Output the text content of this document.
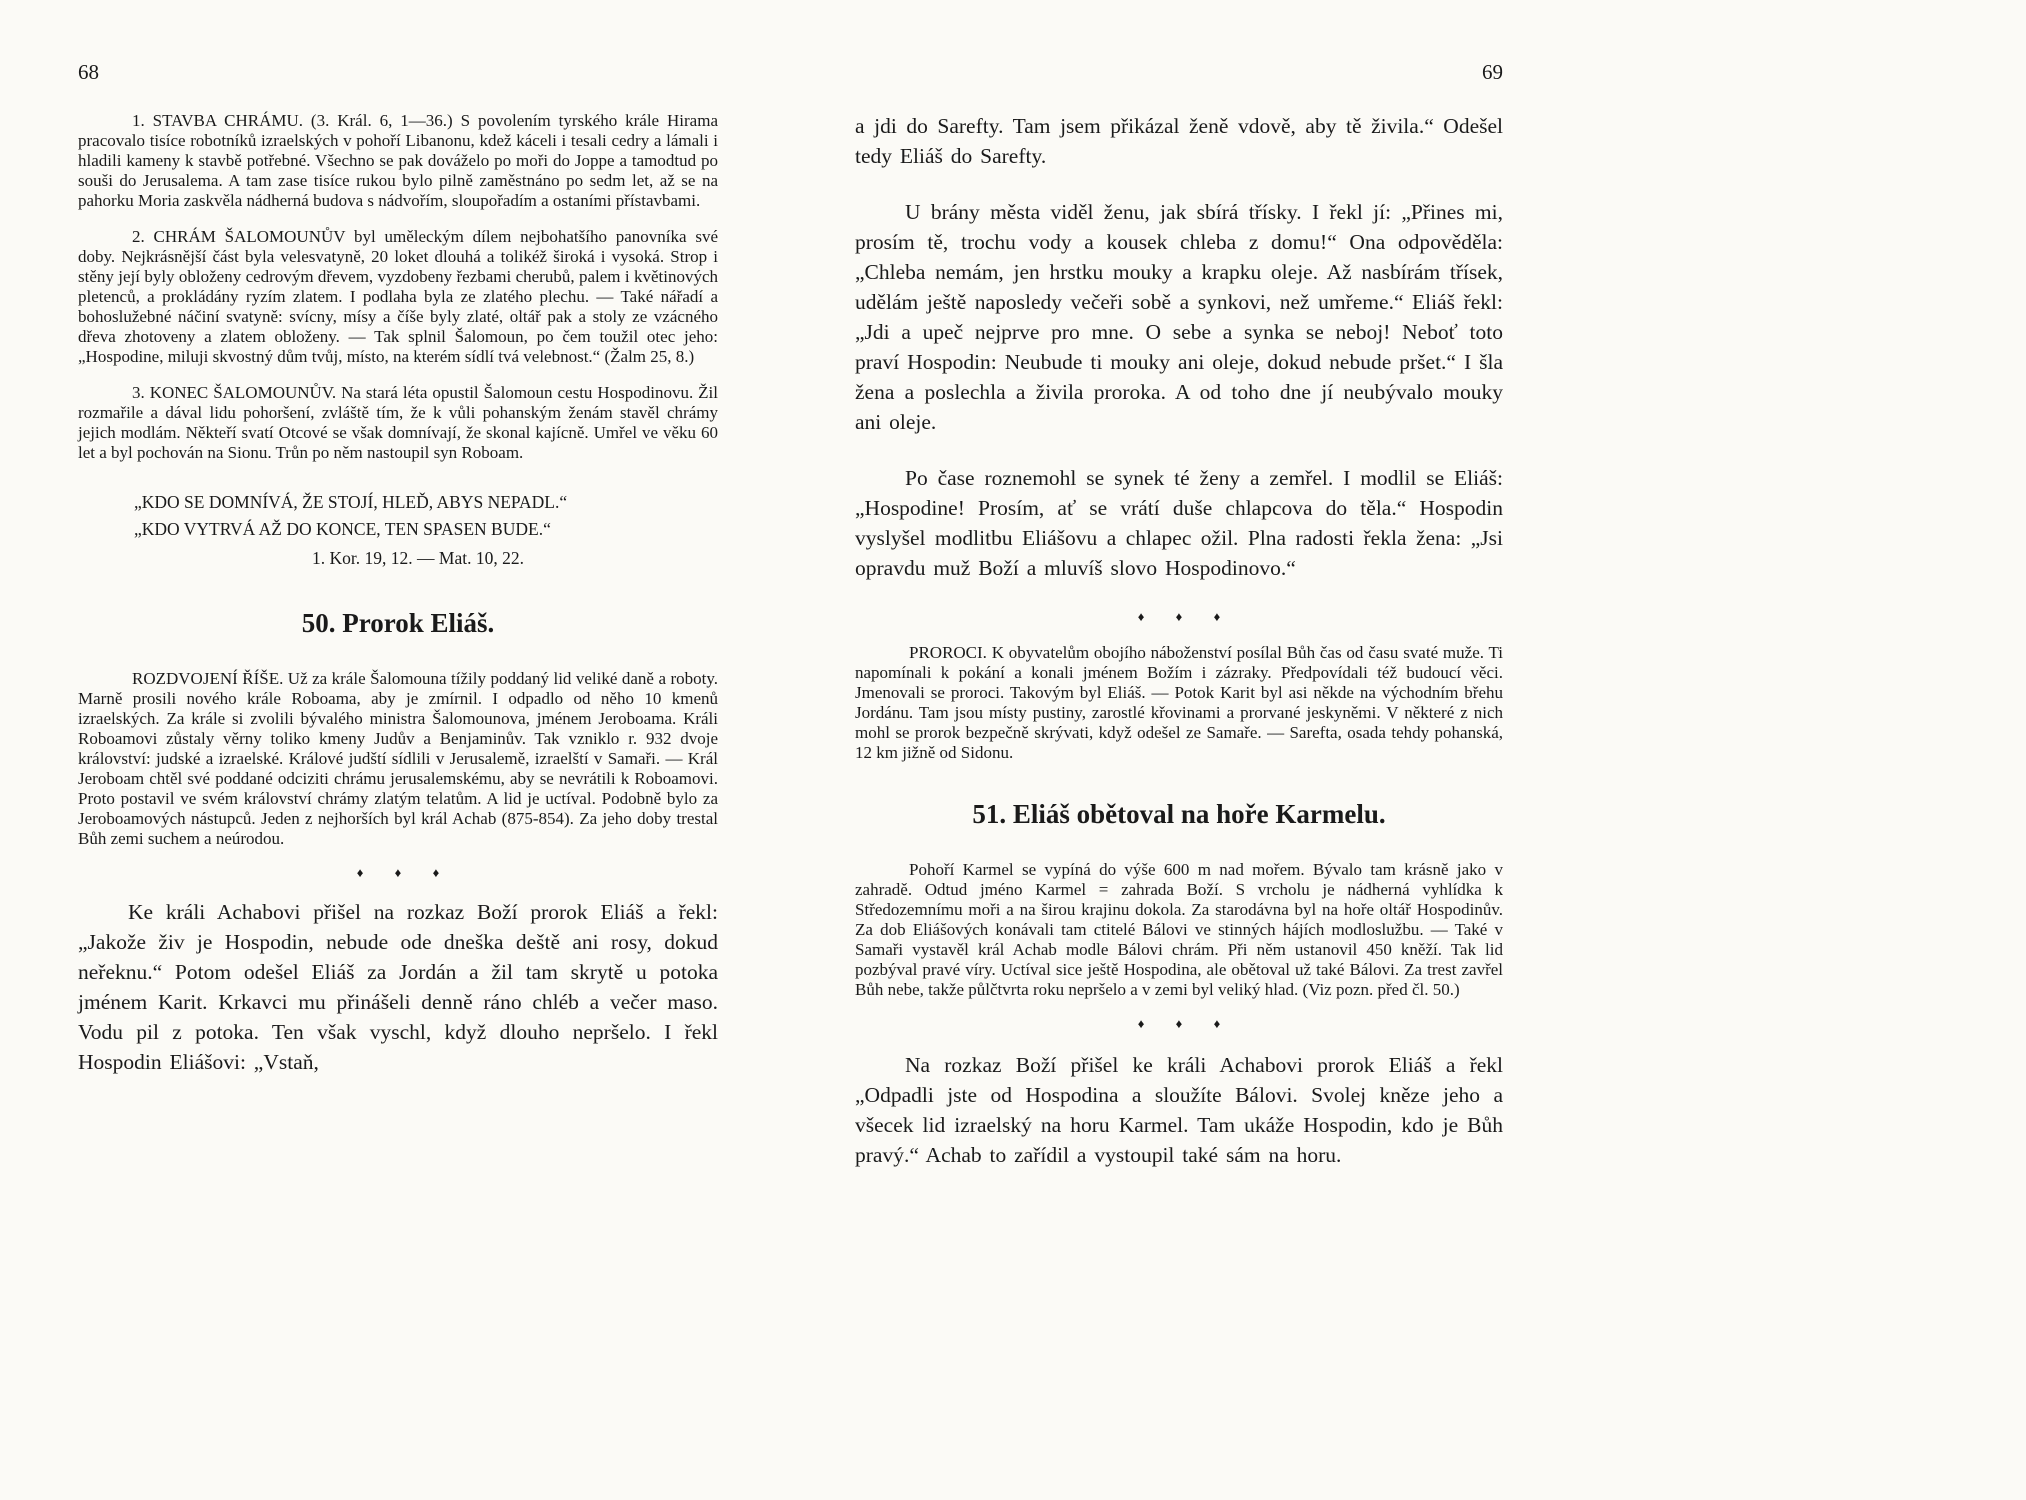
68

1. STAVBA CHRÁMU. (3. Král. 6, 1—36.) S povolením tyrského krále Hirama pracovalo tisíce robotníků izraelských v pohoří Libanonu, kdež káceli i tesali cedry a lámali i hladili kameny k stavbě potřebné. Všechno se pak dováželo po moři do Joppe a tamodtud po souši do Jerusalema. A tam zase tisíce rukou bylo pilně zaměstnáno po sedm let, až se na pahorku Moria zaskvěla nádherná budova s nádvořím, sloupořadím a ostaními přístavbami.

2. CHRÁM ŠALOMOUNŮV byl uměleckým dílem nejbohatšího panovníka své doby. Nejkrásnější část byla velesvatyně, 20 loket dlouhá a tolikéž široká i vysoká. Strop i stěny její byly obloženy cedrovým dřevem, vyzdobeny řezbami cherubů, palem i květinových pletenců, a prokládány ryzím zlatem. I podlaha byla ze zlatého plechu. — Také nářadí a bohoslužebné náčiní svatyně: svícny, mísy a číše byly zlaté, oltář pak a stoly ze vzácného dřeva zhotoveny a zlatem obloženy. — Tak splnil Šalomoun, po čem toužil otec jeho: „Hospodine, miluji skvostný dům tvůj, místo, na kterém sídlí tvá velebnost.“ (Žalm 25, 8.)

3. KONEC ŠALOMOUNŮV. Na stará léta opustil Šalomoun cestu Hospodinovu. Žil rozmařile a dával lidu pohoršení, zvláště tím, že k vůli pohanským ženám stavěl chrámy jejich modlám. Někteří svatí Otcové se však domnívají, že skonal kajícně. Umřel ve věku 60 let a byl pochován na Sionu. Trůn po něm nastoupil syn Roboam.

„KDO SE DOMNÍVÁ, ŽE STOJÍ, HLEĎ, ABYS NEPADL.“
„KDO VYTRVÁ AŽ DO KONCE, TEN SPASEN BUDE.“
1. Kor. 19, 12. — Mat. 10, 22.
50. Prorok Eliáš.

ROZDVOJENÍ ŘÍŠE. Už za krále Šalomouna tížily poddaný lid veliké daně a roboty. Marně prosili nového krále Roboama, aby je zmírnil. I odpadlo od něho 10 kmenů izraelských. Za krále si zvolili bývalého ministra Šalomounova, jménem Jeroboama. Králi Roboamovi zůstaly věrny toliko kmeny Judův a Benjaminův. Tak vzniklo r. 932 dvoje království: judské a izraelské. Králové judští sídlili v Jerusalemě, izraelští v Samaři. — Král Jeroboam chtěl své poddané odciziti chrámu jerusalemskému, aby se nevrátili k Roboamovi. Proto postavil ve svém království chrámy zlatým telatům. A lid je uctíval. Podobně bylo za Jeroboamových nástupců. Jeden z nejhorších byl král Achab (875-854). Za jeho doby trestal Bůh zemi suchem a neúrodou.

♦ ♦ ♦

Ke králi Achabovi přišel na rozkaz Boží prorok Eliáš a řekl: „Jakože živ je Hospodin, nebude ode dneška deště ani rosy, dokud neřeknu.“ Potom odešel Eliáš za Jordán a žil tam skrytě u potoka jménem Karit. Krkavci mu přinášeli denně ráno chléb a večer maso. Vodu pil z potoka. Ten však vyschl, když dlouho nepršelo. I řekl Hospodin Eliášovi: „Vstaň,

69

a jdi do Sarefty. Tam jsem přikázal ženě vdově, aby tě živila.“ Odešel tedy Eliáš do Sarefty.

U brány města viděl ženu, jak sbírá třísky. I řekl jí: „Přines mi, prosím tě, trochu vody a kousek chleba z domu!“ Ona odpověděla: „Chleba nemám, jen hrstku mouky a krapku oleje. Až nasbírám třísek, udělám ještě naposledy večeři sobě a synkovi, než umřeme.“ Eliáš řekl: „Jdi a upeč nejprve pro mne. O sebe a synka se neboj! Neboť toto praví Hospodin: Neubude ti mouky ani oleje, dokud nebude pršet.“ I šla žena a poslechla a živila proroka. A od toho dne jí neubývalo mouky ani oleje.

Po čase roznemohl se synek té ženy a zemřel. I modlil se Eliáš: „Hospodine! Prosím, ať se vrátí duše chlapcova do těla.“ Hospodin vyslyšel modlitbu Eliášovu a chlapec ožil. Plna radosti řekla žena: „Jsi opravdu muž Boží a mluvíš slovo Hospodinovo.“

♦ ♦ ♦

PROROCI. K obyvatelům obojího náboženství posílal Bůh čas od času svaté muže. Ti napomínali k pokání a konali jménem Božím i zázraky. Předpovídali též budoucí věci. Jmenovali se proroci. Takovým byl Eliáš. — Potok Karit byl asi někde na východním břehu Jordánu. Tam jsou místy pustiny, zarostlé křovinami a prorvané jeskyněmi. V některé z nich mohl se prorok bezpečně skrývati, když odešel ze Samaře. — Sarefta, osada tehdy pohanská, 12 km jižně od Sidonu.

51. Eliáš obětoval na hoře Karmelu.

Pohoří Karmel se vypíná do výše 600 m nad mořem. Bývalo tam krásně jako v zahradě. Odtud jméno Karmel = zahrada Boží. S vrcholu je nádherná vyhlídka k Středozemnímu moři a na širou krajinu dokola. Za starodávna byl na hoře oltář Hospodinův. Za dob Eliášových konávali tam ctitelé Bálovi ve stinných hájích modloslužbu. — Také v Samaři vystavěl král Achab modle Bálovi chrám. Při něm ustanovil 450 kněží. Tak lid pozbýval pravé víry. Uctíval sice ještě Hospodina, ale obětoval už také Bálovi. Za trest zavřel Bůh nebe, takže půlčtvrta roku nepršelo a v zemi byl veliký hlad. (Viz pozn. před čl. 50.)

♦ ♦ ♦

Na rozkaz Boží přišel ke králi Achabovi prorok Eliáš a řekl „Odpadli jste od Hospodina a sloužíte Bálovi. Svolej kněze jeho a všecek lid izraelský na horu Karmel. Tam ukáže Hospodin, kdo je Bůh pravý.“ Achab to zařídil a vystoupil také sám na horu.
